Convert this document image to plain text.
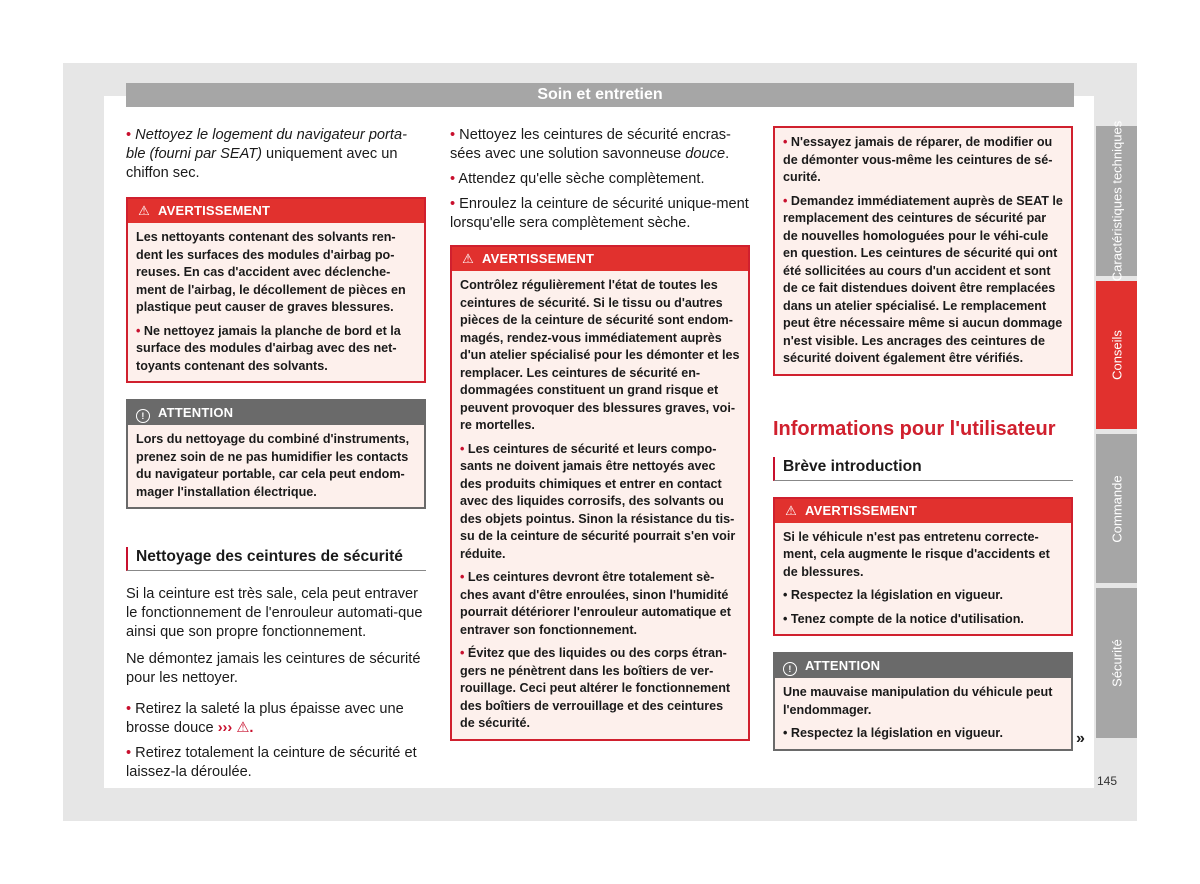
Soin et entretien

• Nettoyez le logement du navigateur porta-ble (fourni par SEAT) uniquement avec un chiffon sec.

⚠ AVERTISSEMENT

Les nettoyants contenant des solvants ren-dent les surfaces des modules d'airbag po-reuses. En cas d'accident avec déclenche-ment de l'airbag, le décollement de pièces en plastique peut causer de graves blessures.

• Ne nettoyez jamais la planche de bord et la surface des modules d'airbag avec des net-toyants contenant des solvants.

! ATTENTION
Lors du nettoyage du combiné d'instruments, prenez soin de ne pas humidifier les contacts du navigateur portable, car cela peut endom-mager l'installation électrique.
Nettoyage des ceintures de sécurité

Si la ceinture est très sale, cela peut entraver le fonctionnement de l'enrouleur automati-que ainsi que son propre fonctionnement.

Ne démontez jamais les ceintures de sécurité pour les nettoyer.

• Retirez la saleté la plus épaisse avec une brosse douce ››› ⚠.

• Retirez totalement la ceinture de sécurité et laissez-la déroulée.

• Nettoyez les ceintures de sécurité encras-sées avec une solution savonneuse douce.

• Attendez qu'elle sèche complètement.

• Enroulez la ceinture de sécurité unique-ment lorsqu'elle sera complètement sèche.

⚠ AVERTISSEMENT

Contrôlez régulièrement l'état de toutes les ceintures de sécurité. Si le tissu ou d'autres pièces de la ceinture de sécurité sont endom-magés, rendez-vous immédiatement auprès d'un atelier spécialisé pour les démonter et les remplacer. Les ceintures de sécurité en-dommagées constituent un grand risque et peuvent provoquer des blessures graves, voi-re mortelles.

• Les ceintures de sécurité et leurs compo-sants ne doivent jamais être nettoyés avec des produits chimiques et entrer en contact avec des liquides corrosifs, des solvants ou des objets pointus. Sinon la résistance du tis-su de la ceinture de sécurité pourrait s'en voir réduite.

• Les ceintures devront être totalement sè-ches avant d'être enroulées, sinon l'humidité pourrait détériorer l'enrouleur automatique et entraver son fonctionnement.

• Évitez que des liquides ou des corps étran-gers ne pénètrent dans les boîtiers de ver-rouillage. Ceci peut altérer le fonctionnement des boîtiers de verrouillage et des ceintures de sécurité.

• N'essayez jamais de réparer, de modifier ou de démonter vous-même les ceintures de sé-curité.

• Demandez immédiatement auprès de SEAT le remplacement des ceintures de sécurité par de nouvelles homologuées pour le véhi-cule en question. Les ceintures de sécurité qui ont été sollicitées au cours d'un accident et sont de ce fait distendues doivent être remplacées dans un atelier spécialisé. Le remplacement peut être nécessaire même si aucun dommage n'est visible. Les ancrages des ceintures de sécurité doivent également être vérifiés.

Informations pour l'utilisateur
Brève introduction
⚠ AVERTISSEMENT

Si le véhicule n'est pas entretenu correcte-ment, cela augmente le risque d'accidents et de blessures.

• Respectez la législation en vigueur.

• Tenez compte de la notice d'utilisation.

! ATTENTION

Une mauvaise manipulation du véhicule peut l'endommager.

• Respectez la législation en vigueur.	»
Caractéristiques techniques
Conseils
Commande
Sécurité
145
